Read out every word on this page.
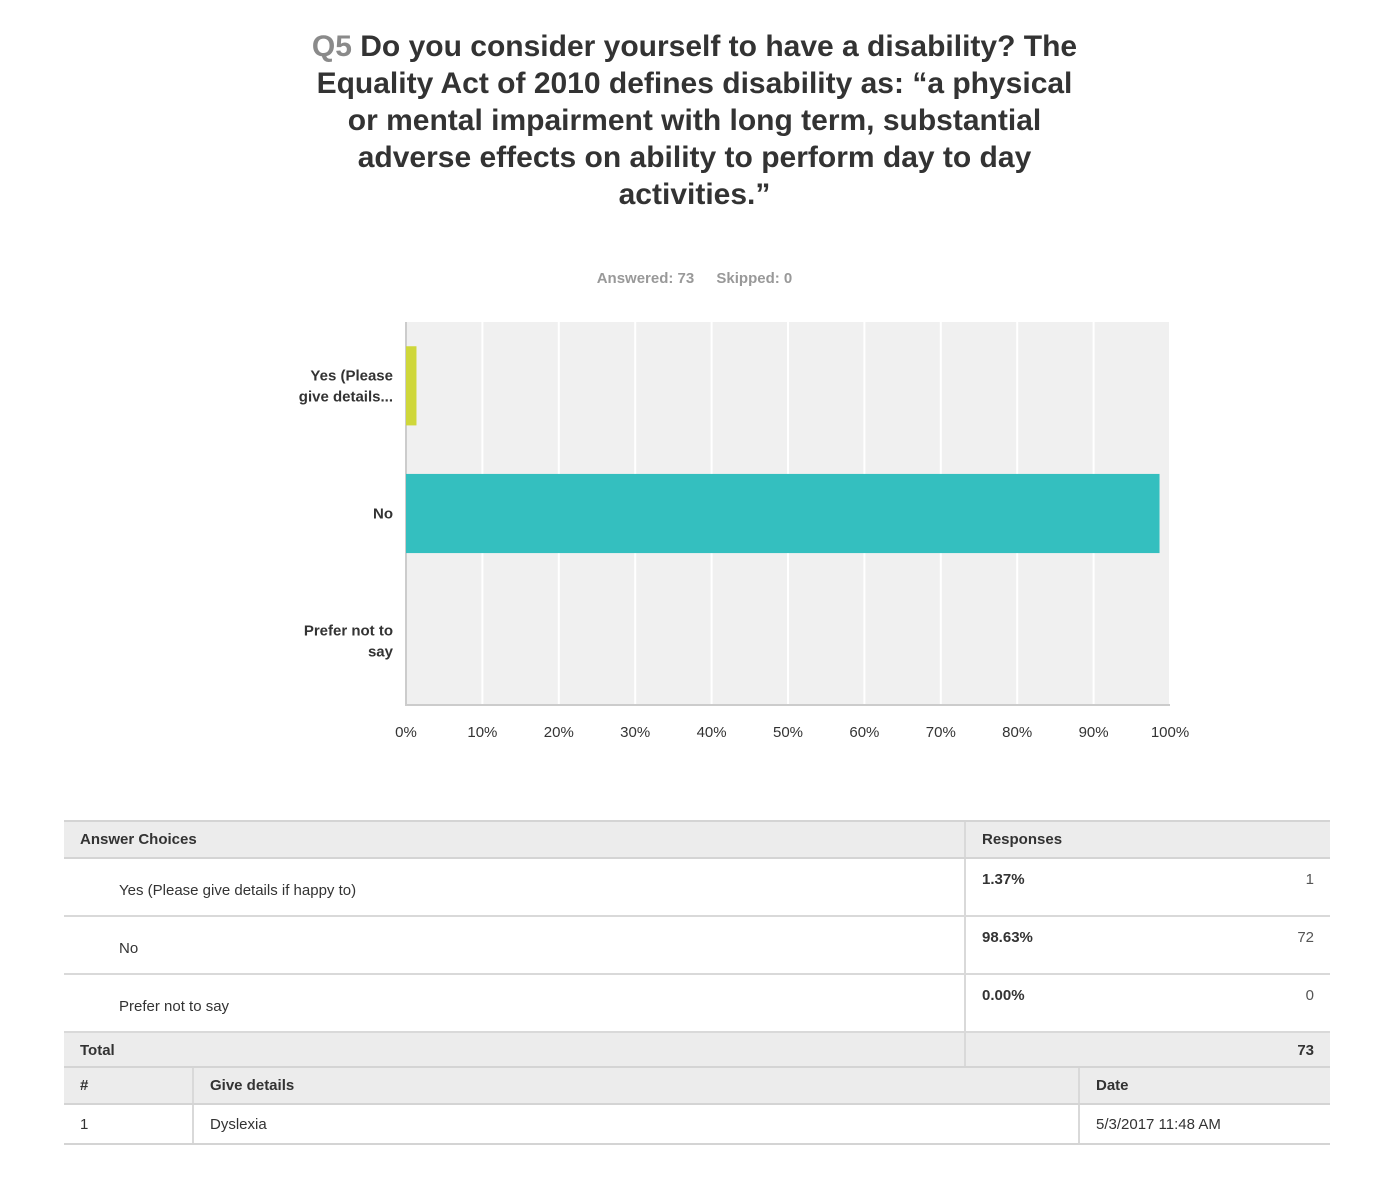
Q5 Do you consider yourself to have a disability? The Equality Act of 2010 defines disability as: “a physical or mental impairment with long term, substantial adverse effects on ability to perform day to day activities.”
Answered: 73 Skipped: 0
0%	10%	20%	30%	40%	50%	60%	70%	80%	90%	100%
Yes (Please
give details...
No
Prefer not to
say
Answer Choices	Responses	
Yes (Please give details if happy to)	1.37%	1
No	98.63%	72
Prefer not to say	0.00%	0
Total		73
#	Give details	Date
1	Dyslexia	5/3/2017 11:48 AM
